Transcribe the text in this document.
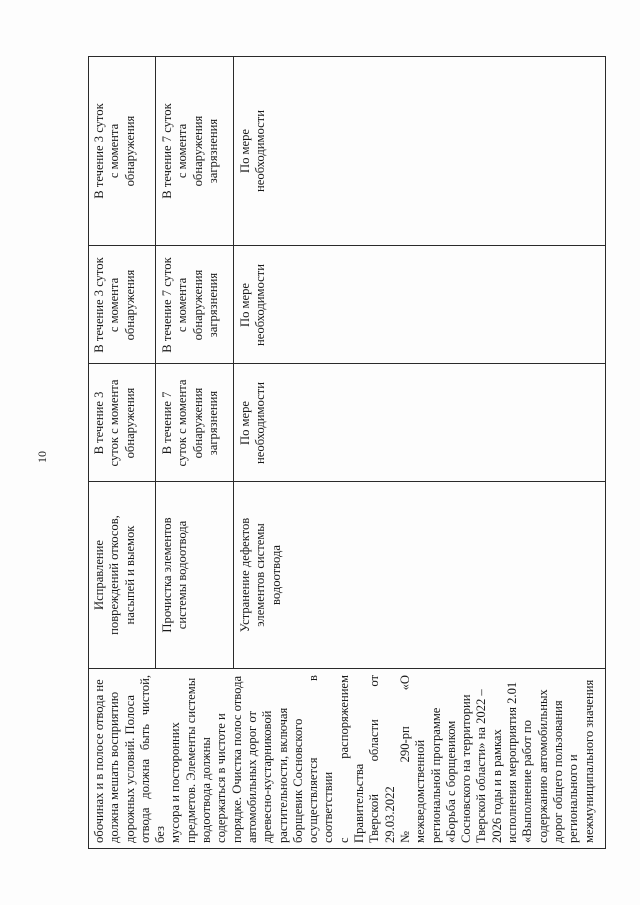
10

обочинах и в полосе отвода не должна мешать восприятию дорожных условий. Полоса отвода должна быть чистой, без мусора и посторонних предметов. Элементы системы водоотвода должны содержаться в чистоте и порядке. Очистка полос отвода автомобильных дорог от древесно-кустарниковой растительности, включая борщевик Сосновского осуществляется в соответствии с распоряжением Правительства Тверской области от 29.03.2022 № 290-рп «О межведомственной региональной программе «Борьба с борщевиком Сосновского на территории Тверской области» на 2022 – 2026 годы и в рамках исполнения мероприятия 2.01 «Выполнение работ по содержанию автомобильных дорог общего пользования регионального и межмуниципального значения

Исправление повреждений откосов, насыпей и выемок

В течение 3 суток с момента обнаружения

В течение 3 суток с момента обнаружения

В течение 3 суток с момента обнаружения

Прочистка элементов системы водоотвода

В течение 7 суток с момента обнаружения загрязнения

В течение 7 суток с момента обнаружения загрязнения

В течение 7 суток с момента обнаружения загрязнения

Устранение дефектов элементов системы водоотвода

По мере необходимости

По мере необходимости

По мере необходимости
